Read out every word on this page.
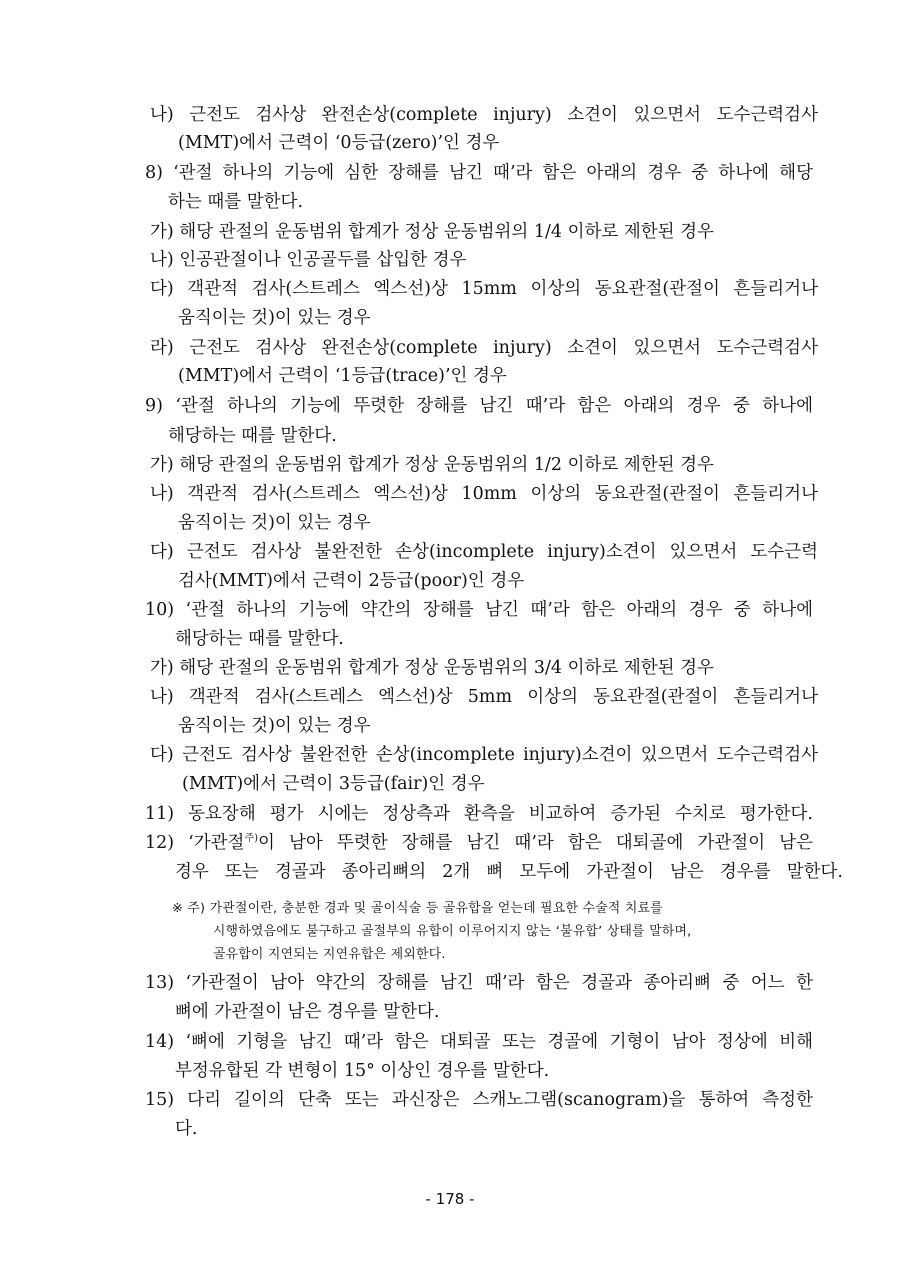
나) 근전도 검사상 완전손상(complete injury) 소견이 있으면서 도수근력검사
(MMT)에서 근력이 ‘0등급(zero)’인 경우
8) ‘관절 하나의 기능에 심한 장해를 남긴 때’라 함은 아래의 경우 중 하나에 해당
하는 때를 말한다.
가) 해당 관절의 운동범위 합계가 정상 운동범위의 1/4 이하로 제한된 경우
나) 인공관절이나 인공골두를 삽입한 경우
다) 객관적 검사(스트레스 엑스선)상 15mm 이상의 동요관절(관절이 흔들리거나
움직이는 것)이 있는 경우
라) 근전도 검사상 완전손상(complete injury) 소견이 있으면서 도수근력검사
(MMT)에서 근력이 ‘1등급(trace)’인 경우
9) ‘관절 하나의 기능에 뚜렷한 장해를 남긴 때’라 함은 아래의 경우 중 하나에
해당하는 때를 말한다.
가) 해당 관절의 운동범위 합계가 정상 운동범위의 1/2 이하로 제한된 경우
나) 객관적 검사(스트레스 엑스선)상 10mm 이상의 동요관절(관절이 흔들리거나
움직이는 것)이 있는 경우
다) 근전도 검사상 불완전한 손상(incomplete injury)소견이 있으면서 도수근력
검사(MMT)에서 근력이 2등급(poor)인 경우
10) ‘관절 하나의 기능에 약간의 장해를 남긴 때’라 함은 아래의 경우 중 하나에
해당하는 때를 말한다.
가) 해당 관절의 운동범위 합계가 정상 운동범위의 3/4 이하로 제한된 경우
나) 객관적 검사(스트레스 엑스선)상 5mm 이상의 동요관절(관절이 흔들리거나
움직이는 것)이 있는 경우
다) 근전도 검사상 불완전한 손상(incomplete injury)소견이 있으면서 도수근력검사
(MMT)에서 근력이 3등급(fair)인 경우
11) 동요장해 평가 시에는 정상측과 환측을 비교하여 증가된 수치로 평가한다.
12) ‘가관절$^{주)}$이 남아 뚜렷한 장해를 남긴 때’라 함은 대퇴골에 가관절이 남은
경우 또는 경골과 종아리뼈의 2개 뼈 모두에 가관절이 남은 경우를 말한다.
※ 주) 가관절이란, 충분한 경과 및 골이식술 등 골유합을 얻는데 필요한 수술적 치료를
시행하였음에도 불구하고 골절부의 유합이 이루어지지 않는 ‘불유합’ 상태를 말하며,
골유합이 지연되는 지연유합은 제외한다.
13) ‘가관절이 남아 약간의 장해를 남긴 때’라 함은 경골과 종아리뼈 중 어느 한
뼈에 가관절이 남은 경우를 말한다.
14) ‘뼈에 기형을 남긴 때’라 함은 대퇴골 또는 경골에 기형이 남아 정상에 비해
부정유합된 각 변형이 15° 이상인 경우를 말한다.
15) 다리 길이의 단축 또는 과신장은 스캐노그램(scanogram)을 통하여 측정한
다.
- 178 -
